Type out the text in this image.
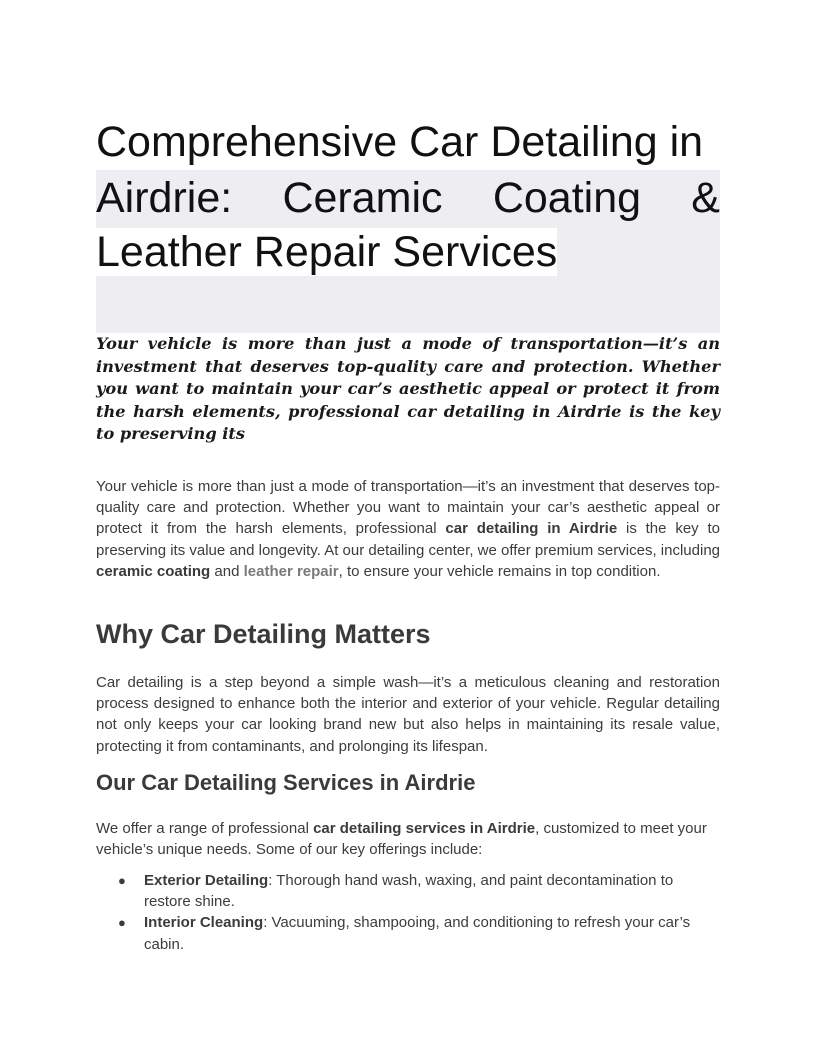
Comprehensive Car Detailing in
Airdrie: Ceramic Coating &
Leather Repair Services

Your vehicle is more than just a mode of transportation—it’s an investment that deserves top-quality care and protection. Whether you want to maintain your car’s aesthetic appeal or protect it from the harsh elements, professional car detailing in Airdrie is the key to preserving its

Your vehicle is more than just a mode of transportation—it’s an investment that deserves top-quality care and protection. Whether you want to maintain your car’s aesthetic appeal or protect it from the harsh elements, professional car detailing in Airdrie is the key to preserving its value and longevity. At our detailing center, we offer premium services, including ceramic coating and leather repair, to ensure your vehicle remains in top condition.

Why Car Detailing Matters

Car detailing is a step beyond a simple wash—it’s a meticulous cleaning and restoration process designed to enhance both the interior and exterior of your vehicle. Regular detailing not only keeps your car looking brand new but also helps in maintaining its resale value, protecting it from contaminants, and prolonging its lifespan.

Our Car Detailing Services in Airdrie

We offer a range of professional car detailing services in Airdrie, customized to meet your vehicle’s unique needs. Some of our key offerings include:

● Exterior Detailing: Thorough hand wash, waxing, and paint decontamination to restore shine.
● Interior Cleaning: Vacuuming, shampooing, and conditioning to refresh your car’s cabin.
